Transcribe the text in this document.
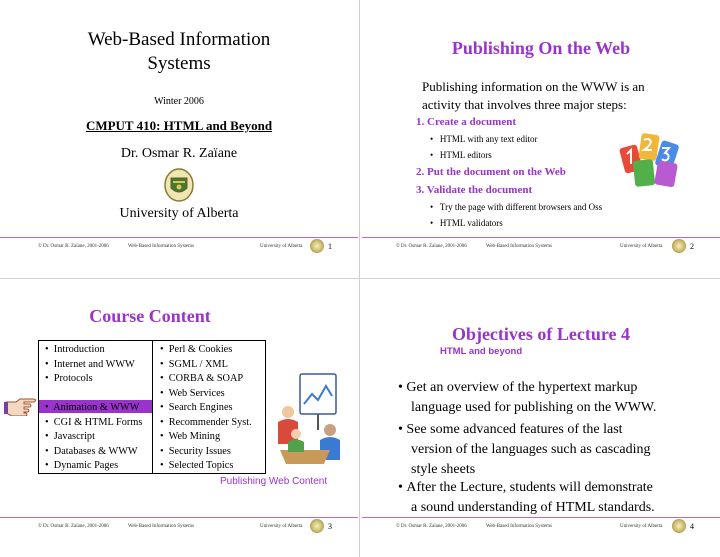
Web-Based Information
Systems
Winter 2006
CMPUT 410: HTML and Beyond
Dr. Osmar R. Zaïane
University of Alberta
© Dr. Osmar R. Zaïane, 2001-2006	Web-Based Information Systems	University of Alberta	1
Publishing On the Web
Publishing information on the WWW is an
activity that involves three major steps:
1. Create a document
•   HTML with any text editor
•   HTML editors
2. Put the document on the Web
3. Validate the document
•   Try the page with different browsers and Oss
•   HTML validators
© Dr. Osmar R. Zaïane, 2001-2006	Web-Based Information Systems	University of Alberta	2
Course Content
•  Introduction
•  Internet and WWW
•  Protocols
•  HTML and beyond
•  Animation & WWW
•  CGI & HTML Forms
•  Javascript
•  Databases & WWW
•  Dynamic Pages
•  Perl & Cookies
•  SGML / XML
•  CORBA & SOAP
•  Web Services
•  Search Engines
•  Recommender Syst.
•  Web Mining
•  Security Issues
•  Selected Topics
Publishing Web Content
© Dr. Osmar R. Zaïane, 2001-2006	Web-Based Information Systems	University of Alberta	3
Objectives of Lecture 4
HTML and beyond
• Get an overview of the hypertext markup
language used for publishing on the WWW.
• See some advanced features of the last
version of the languages such as cascading
style sheets
• After the Lecture, students will demonstrate
a sound understanding of HTML standards.
© Dr. Osmar R. Zaïane, 2001-2006	Web-Based Information Systems	University of Alberta	4
